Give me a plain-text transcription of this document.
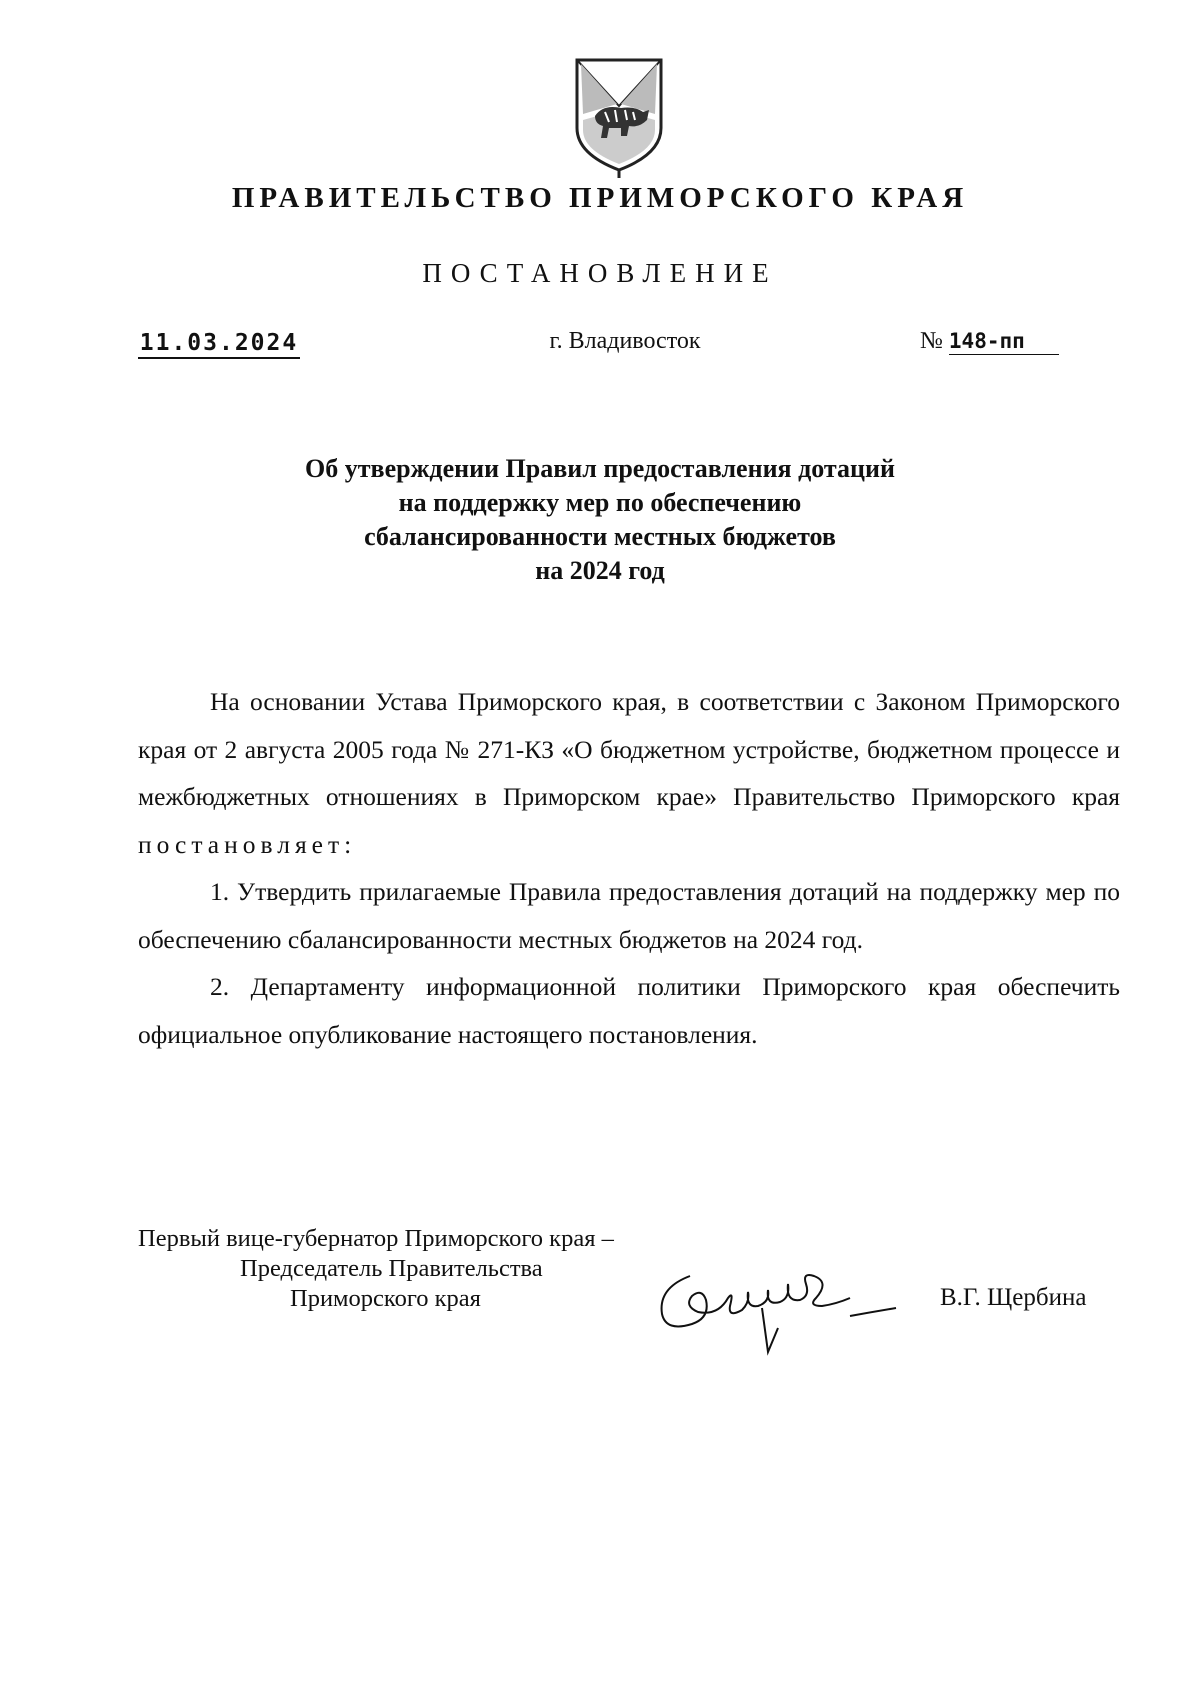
ПРАВИТЕЛЬСТВО ПРИМОРСКОГО КРАЯ
ПОСТАНОВЛЕНИЕ
11.03.2024	г. Владивосток	№ 148-пп
Об утверждении Правил предоставления дотаций
на поддержку мер по обеспечению
сбалансированности местных бюджетов
на 2024 год

На основании Устава Приморского края, в соответствии с Законом Приморского края от 2 августа 2005 года № 271-КЗ «О бюджетном устройстве, бюджетном процессе и межбюджетных отношениях в Приморском крае» Правительство Приморского края постановляет:

1. Утвердить прилагаемые Правила предоставления дотаций на поддержку мер по обеспечению сбалансированности местных бюджетов на 2024 год.

2. Департаменту информационной политики Приморского края обеспечить официальное опубликование настоящего постановления.

Первый вице-губернатор Приморского края –
Председатель Правительства
Приморского края	В.Г. Щербина
